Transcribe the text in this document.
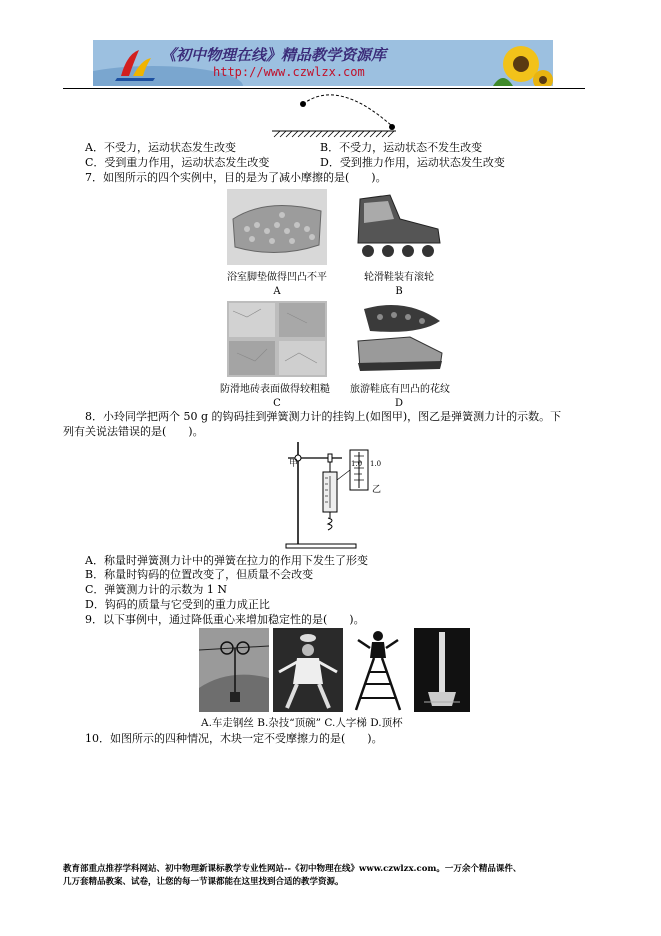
《初中物理在线》精品教学资源库
http://www.czwlzx.com
A．不受力，运动状态发生改变	B．不受力，运动状态不发生改变
C．受到重力作用，运动状态发生改变	D．受到推力作用，运动状态发生改变
7．如图所示的四个实例中，目的是为了减小摩擦的是(　　)。
浴室脚垫做得凹凸不平	轮滑鞋装有滚轮
A	B
防滑地砖表面做得较粗糙	旅游鞋底有凹凸的花纹
C	D
8．小玲同学把两个 50 g 的钩码挂到弹簧测力计的挂钩上(如图甲)，图乙是弹簧测力计的示数。下
列有关说法错误的是(　　)。
甲
乙
1.0 1.0
A．称量时弹簧测力计中的弹簧在拉力的作用下发生了形变
B．称量时钩码的位置改变了，但质量不会改变
C．弹簧测力计的示数为 1 N
D．钩码的质量与它受到的重力成正比
9．以下事例中，通过降低重心来增加稳定性的是(　　)。
A.车走钢丝 B.杂技“顶碗” C.人字梯 D.顶杯
10．如图所示的四种情况，木块一定不受摩擦力的是(　　)。
教育部重点推荐学科网站、初中物理新课标教学专业性网站--《初中物理在线》www.czwlzx.com。一万余个精品课件、
几万套精品教案、试卷，让您的每一节课都能在这里找到合适的教学资源。
